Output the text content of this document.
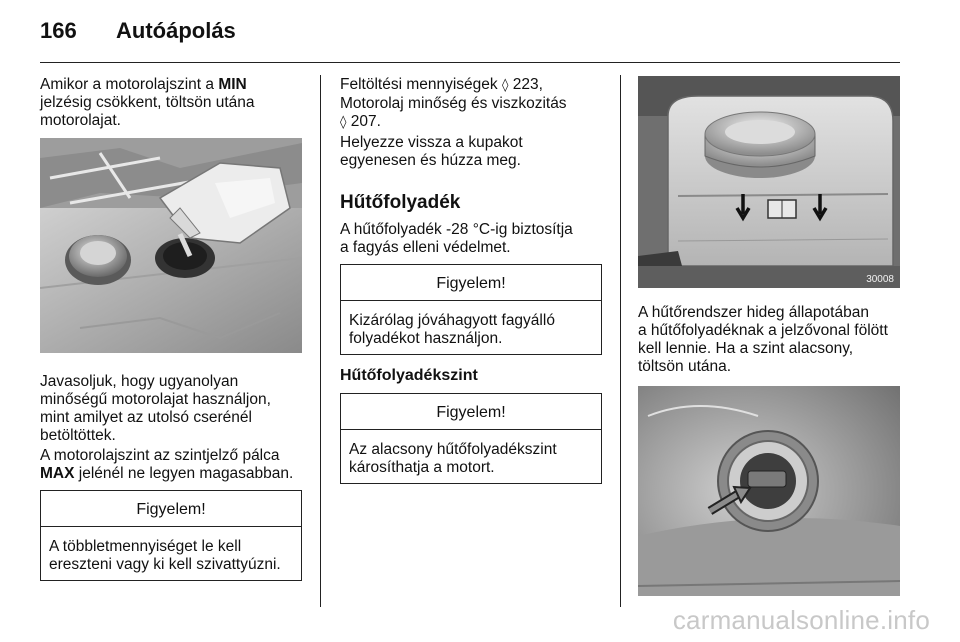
166 Autóápolás
Amikor a motorolajszint a MIN
jelzésig csökkent, töltsön utána
motorolajat.
Javasoljuk, hogy ugyanolyan
minőségű motorolajat használjon,
mint amilyet az utolsó cserénél
betöltöttek.
A motorolajszint az szintjelző pálca
MAX jelénél ne legyen magasabban.
Figyelem!
A többletmennyiséget le kell
ereszteni vagy ki kell szivattyúzni.
Feltöltési mennyiségek ◊ 223,
Motorolaj minőség és viszkozitás
◊ 207.
Helyezze vissza a kupakot
egyenesen és húzza meg.
Hűtőfolyadék
A hűtőfolyadék -28 °C-ig biztosítja
a fagyás elleni védelmet.
Figyelem!
Kizárólag jóváhagyott fagyálló
folyadékot használjon.
Hűtőfolyadékszint
Figyelem!
Az alacsony hűtőfolyadékszint
károsíthatja a motort.
30008
A hűtőrendszer hideg állapotában
a hűtőfolyadéknak a jelzővonal fölött
kell lennie. Ha a szint alacsony,
töltsön utána.
carmanualsonline.info
